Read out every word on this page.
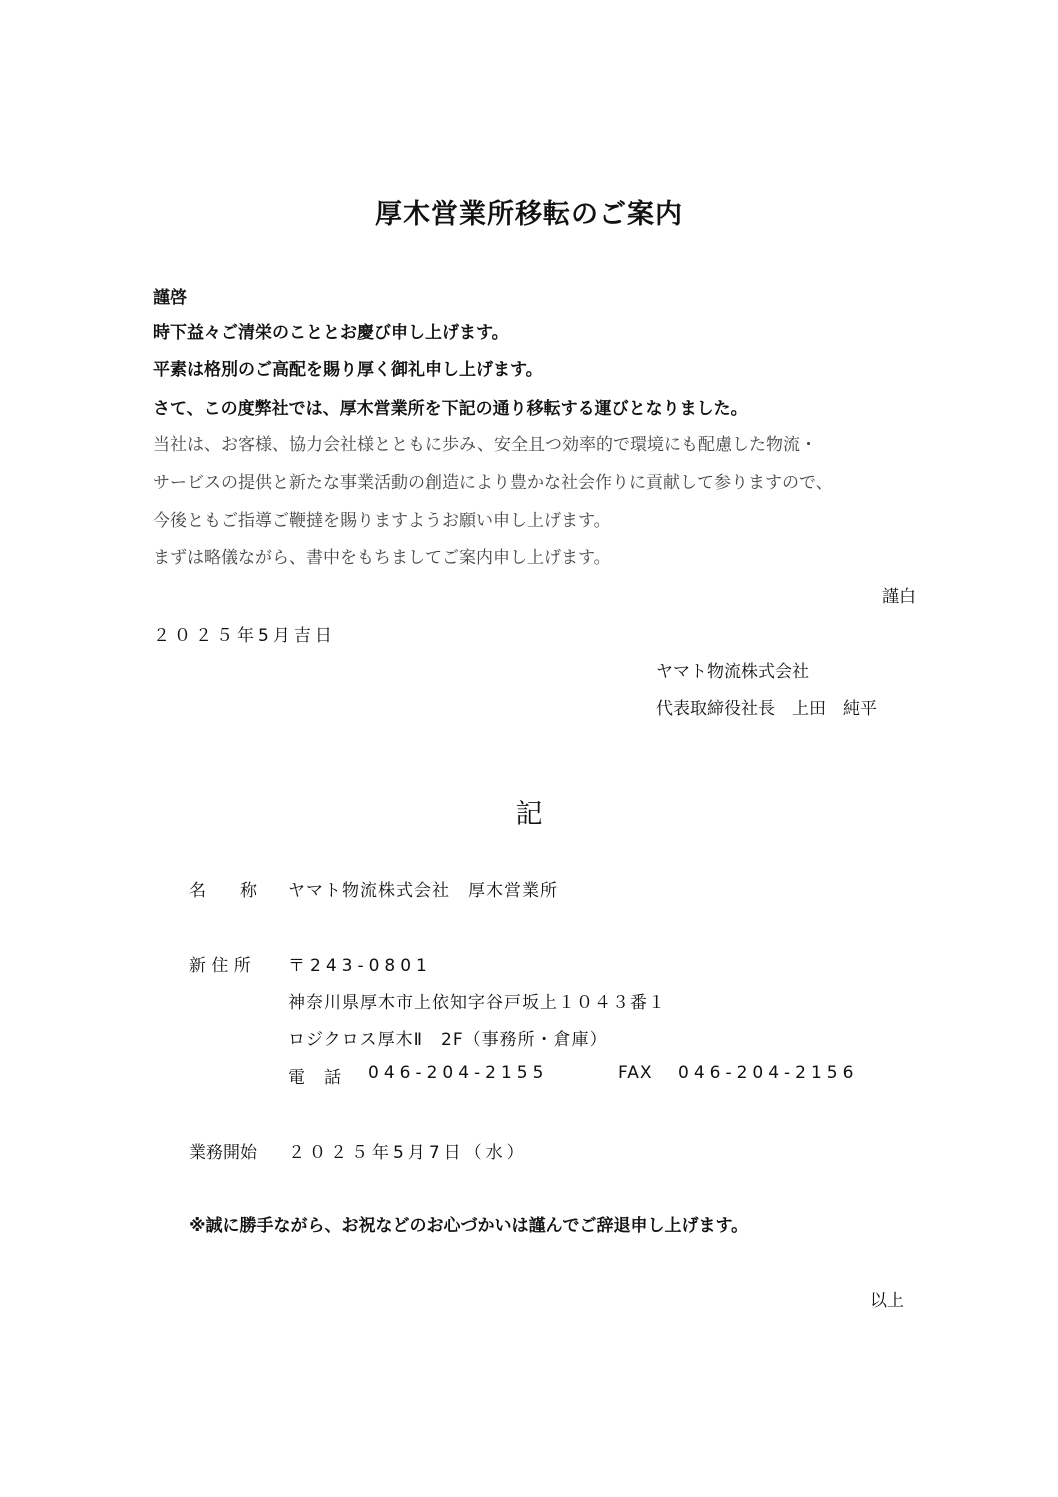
厚木営業所移転のご案内
謹啓
時下益々ご清栄のこととお慶び申し上げます。
平素は格別のご高配を賜り厚く御礼申し上げます。
さて、この度弊社では、厚木営業所を下記の通り移転する運びとなりました。
当社は、お客様、協力会社様とともに歩み、安全且つ効率的で環境にも配慮した物流・
サービスの提供と新たな事業活動の創造により豊かな社会作りに貢献して参りますので、
今後ともご指導ご鞭撻を賜りますようお願い申し上げます。
まずは略儀ながら、書中をもちましてご案内申し上げます。
謹白
２０２５年5月吉日
ヤマト物流株式会社
代表取締役社長　上田　純平
記
名　　称 ヤマト物流株式会社　厚木営業所
新 住 所 〒243-0801
神奈川県厚木市上依知字谷戸坂上１０４３番１
ロジクロス厚木Ⅱ　2F（事務所・倉庫）
電　話 046-204-2155	FAX 046-204-2156
業務開始 ２０２５年5月7日（水）
※誠に勝手ながら、お祝などのお心づかいは謹んでご辞退申し上げます。
以上
